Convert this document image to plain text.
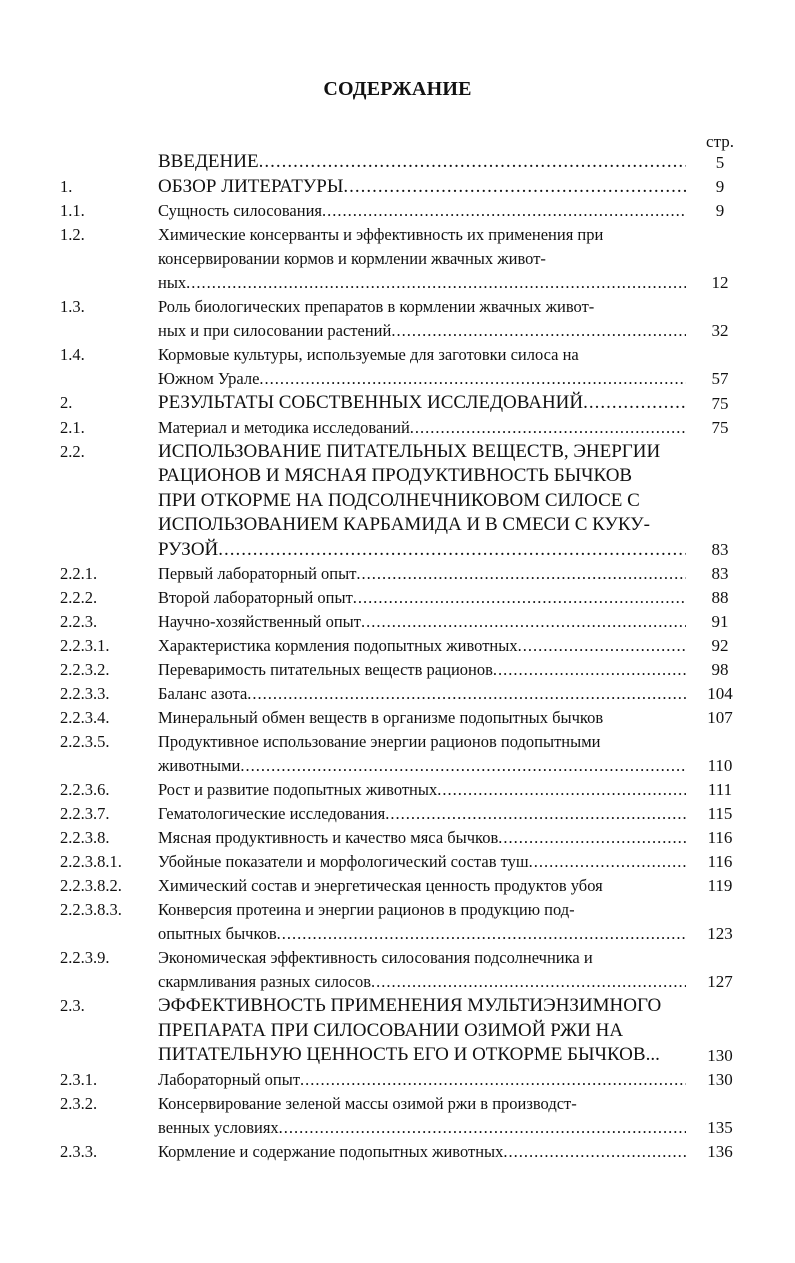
СОДЕРЖАНИЕ
стр.
ВВЕДЕНИЕ .....	5
1.	ОБЗОР ЛИТЕРАТУРЫ .....	9
1.1.	Сущность силосования .....	9
1.2.	Химические консерванты и эффективность их применения при
консервировании кормов и кормлении жвачных живот-
ных .....	12
1.3.	Роль биологических препаратов в кормлении жвачных живот-
ных и при силосовании растений .....	32
1.4.	Кормовые культуры, используемые для заготовки силоса на
Южном Урале .....	57
2.	РЕЗУЛЬТАТЫ СОБСТВЕННЫХ ИССЛЕДОВАНИЙ .....	75
2.1.	Материал и методика исследований .....	75
2.2.	ИСПОЛЬЗОВАНИЕ ПИТАТЕЛЬНЫХ ВЕЩЕСТВ, ЭНЕРГИИ
РАЦИОНОВ И МЯСНАЯ ПРОДУКТИВНОСТЬ БЫЧКОВ
ПРИ ОТКОРМЕ НА ПОДСОЛНЕЧНИКОВОМ СИЛОСЕ С
ИСПОЛЬЗОВАНИЕМ КАРБАМИДА И В СМЕСИ С КУКУ-
РУЗОЙ .....	83
2.2.1.	Первый лабораторный опыт .....	83
2.2.2.	Второй лабораторный опыт .....	88
2.2.3.	Научно-хозяйственный опыт .....	91
2.2.3.1.	Характеристика кормления подопытных животных .....	92
2.2.3.2.	Переваримость питательных веществ рационов .....	98
2.2.3.3.	Баланс азота .....	104
2.2.3.4.	Минеральный обмен веществ в организме подопытных бычков	107
2.2.3.5.	Продуктивное использование энергии рационов подопытными
животными .....	110
2.2.3.6.	Рост и развитие подопытных животных .....	111
2.2.3.7.	Гематологические исследования .....	115
2.2.3.8.	Мясная продуктивность и качество мяса бычков .....	116
2.2.3.8.1. Убойные показатели и морфологический состав туш .....	116
2.2.3.8.2. Химический состав и энергетическая ценность продуктов убоя	119
2.2.3.8.3. Конверсия протеина и энергии рационов в продукцию под-
опытных бычков .....	123
2.2.3.9.	Экономическая эффективность силосования подсолнечника и
скармливания разных силосов .....	127
2.3.	ЭФФЕКТИВНОСТЬ ПРИМЕНЕНИЯ МУЛЬТИЭНЗИМНОГО
ПРЕПАРАТА ПРИ СИЛОСОВАНИИ ОЗИМОЙ РЖИ НА
ПИТАТЕЛЬНУЮ ЦЕННОСТЬ ЕГО И ОТКОРМЕ БЫЧКОВ...	130
2.3.1.	Лабораторный опыт .....	130
2.3.2.	Консервирование зеленой массы озимой ржи в производст-
венных условиях .....	135
2.3.3.	Кормление и содержание подопытных животных .....	136
